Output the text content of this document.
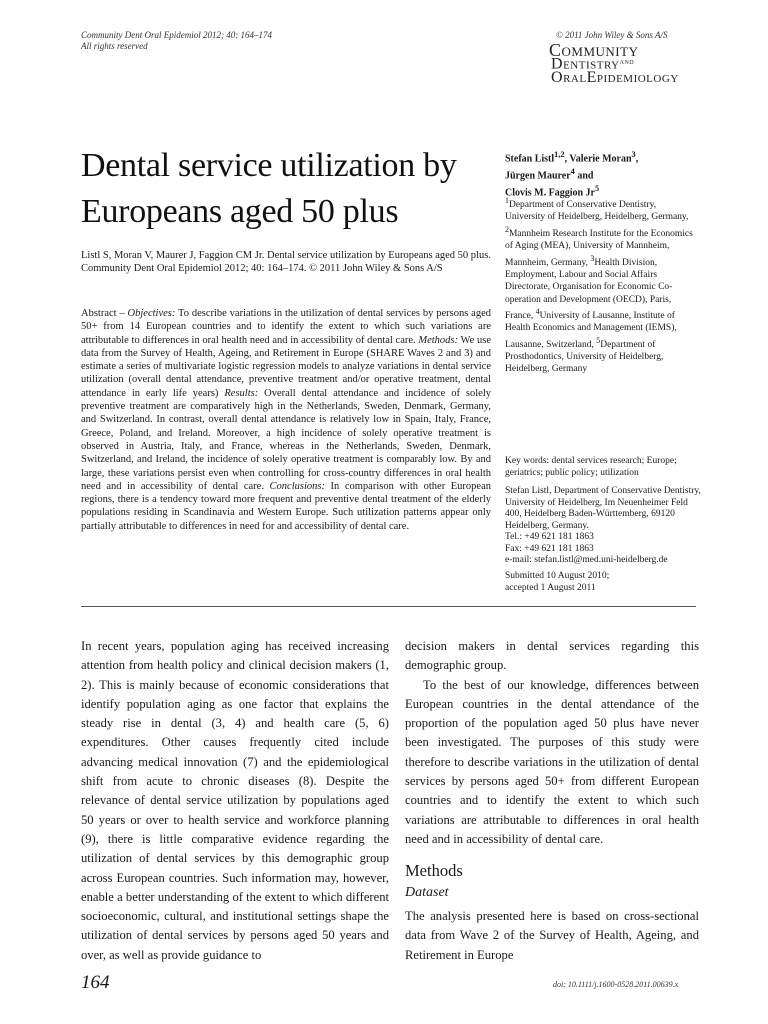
Community Dent Oral Epidemiol 2012; 40: 164–174
All rights reserved
© 2011 John Wiley & Sons A/S
COMMUNITY
$DENTISTRY^{AND}$
ORALEPIDEMIOLOGY
Dental service utilization by
Europeans aged 50 plus
Listl S, Moran V, Maurer J, Faggion CM Jr. Dental service utilization by Europeans aged 50 plus. Community Dent Oral Epidemiol 2012; 40: 164–174. © 2011 John Wiley & Sons A/S
Abstract – Objectives: To describe variations in the utilization of dental services by persons aged 50+ from 14 European countries and to identify the extent to which such variations are attributable to differences in oral health need and in accessibility of dental care. Methods: We use data from the Survey of Health, Ageing, and Retirement in Europe (SHARE Waves 2 and 3) and estimate a series of multivariate logistic regression models to analyze variations in dental service utilization (overall dental attendance, preventive treatment and/or operative treatment, dental attendance in early life years) Results: Overall dental attendance and incidence of solely preventive treatment are comparatively high in the Netherlands, Sweden, Denmark, Germany, and Switzerland. In contrast, overall dental attendance is relatively low in Spain, Italy, France, Greece, Poland, and Ireland. Moreover, a high incidence of solely operative treatment is observed in Austria, Italy, and France, whereas in the Netherlands, Sweden, Denmark, Switzerland, and Ireland, the incidence of solely operative treatment is comparably low. By and large, these variations persist even when controlling for cross-country differences in oral health need and in accessibility of dental care. Conclusions: In comparison with other European regions, there is a tendency toward more frequent and preventive dental treatment of the elderly populations residing in Scandinavia and Western Europe. Such utilization patterns appear only partially attributable to differences in need for and accessibility of dental care.
Stefan Listl$^{1,2}$, Valerie Moran$^3$,
Jürgen Maurer$^4$ and
Clovis M. Faggion Jr$^5$
$^1$Department of Conservative Dentistry, University of Heidelberg, Heidelberg, Germany, $^2$Mannheim Research Institute for the Economics of Aging (MEA), University of Mannheim, Mannheim, Germany, $^3$Health Division, Employment, Labour and Social Affairs Directorate, Organisation for Economic Co-operation and Development (OECD), Paris, France, $^4$University of Lausanne, Institute of Health Economics and Management (IEMS), Lausanne, Switzerland, $^5$Department of Prosthodontics, University of Heidelberg, Heidelberg, Germany
Key words: dental services research; Europe; geriatrics; public policy; utilization
Stefan Listl, Department of Conservative Dentistry, University of Heidelberg, Im Neuenheimer Feld 400, Heidelberg Baden-Württemberg, 69120 Heidelberg, Germany.
Tel.: +49 621 181 1863
Fax: +49 621 181 1863
e-mail: stefan.listl@med.uni-heidelberg.de
Submitted 10 August 2010;
accepted 1 August 2011

In recent years, population aging has received increasing attention from health policy and clinical decision makers (1, 2). This is mainly because of economic considerations that identify population aging as one factor that explains the steady rise in dental (3, 4) and health care (5, 6) expenditures. Other causes frequently cited include advancing medical innovation (7) and the epidemiological shift from acute to chronic diseases (8). Despite the relevance of dental service utilization by populations aged 50 years or over to health service and workforce planning (9), there is little comparative evidence regarding the utilization of dental services by this demographic group across European countries. Such information may, however, enable a better understanding of the extent to which different socioeconomic, cultural, and institutional settings shape the utilization of dental services by persons aged 50 years and over, as well as provide guidance to

decision makers in dental services regarding this demographic group.

To the best of our knowledge, differences between European countries in the dental attendance of the proportion of the population aged 50 plus have never been investigated. The purposes of this study were therefore to describe variations in the utilization of dental services by persons aged 50+ from different European countries and to identify the extent to which such variations are attributable to differences in oral health need and in accessibility of dental care.

Methods
Dataset
The analysis presented here is based on cross-sectional data from Wave 2 of the Survey of Health, Ageing, and Retirement in Europe
164	doi: 10.1111/j.1600-0528.2011.00639.x
